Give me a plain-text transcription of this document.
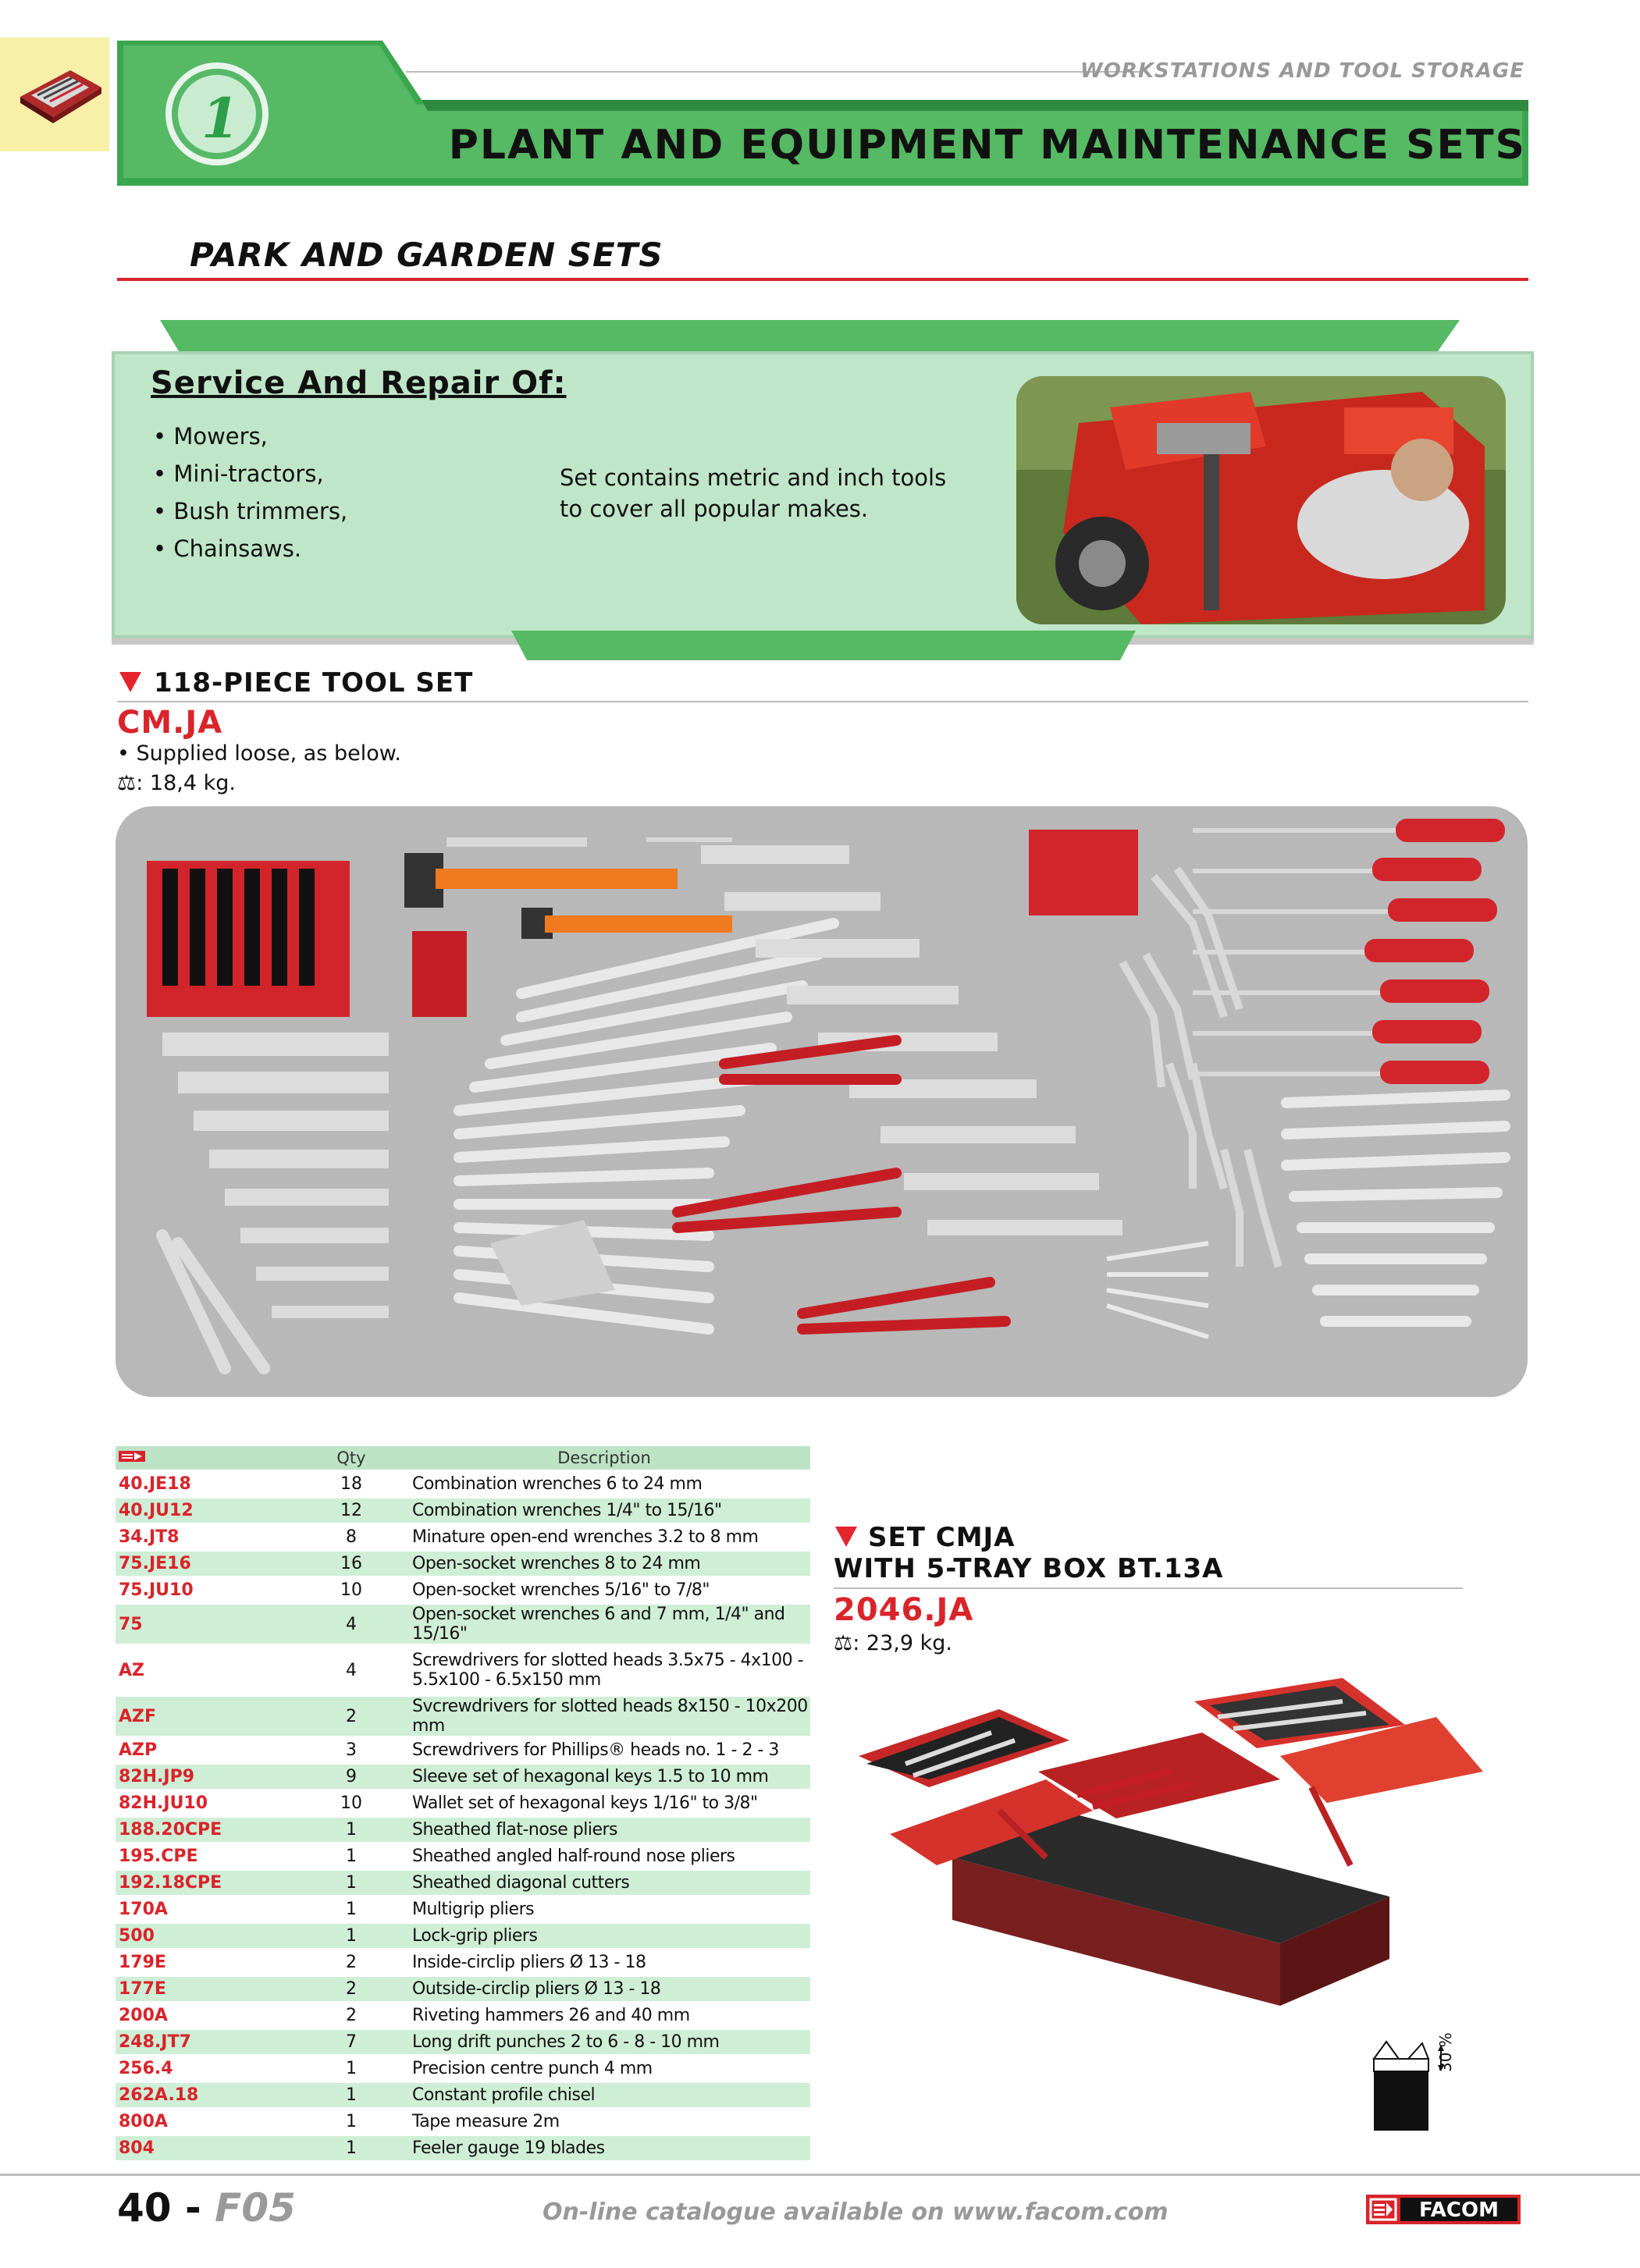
WORKSTATIONS AND TOOL STORAGE
1	PLANT AND EQUIPMENT MAINTENANCE SETS
PARK AND GARDEN SETS
Service And Repair Of:
• Mowers,
• Mini-tractors,
• Bush trimmers,
• Chainsaws.
Set contains metric and inch tools
to cover all popular makes.
118-PIECE TOOL SET
CM.JA
• Supplied loose, as below.
⚖: 18,4 kg.
	Qty	Description
40.JE18	18	Combination wrenches 6 to 24 mm
40.JU12	12	Combination wrenches 1/4" to 15/16"
34.JT8	8	Minature open-end wrenches 3.2 to 8 mm
75.JE16	16	Open-socket wrenches 8 to 24 mm
75.JU10	10	Open-socket wrenches 5/16" to 7/8"
75	4	Open-socket wrenches 6 and 7 mm, 1/4" and 15/16"
AZ	4	Screwdrivers for slotted heads 3.5x75 - 4x100 -
5.5x100 - 6.5x150 mm

AZF	2	Svcrewdrivers for slotted heads 8x150 - 10x200 mm
AZP	3	Screwdrivers for Phillips® heads no. 1 - 2 - 3
82H.JP9	9	Sleeve set of hexagonal keys 1.5 to 10 mm
82H.JU10	10	Wallet set of hexagonal keys 1/16" to 3/8"
188.20CPE	1	Sheathed flat-nose pliers
195.CPE	1	Sheathed angled half-round nose pliers
192.18CPE	1	Sheathed diagonal cutters
170A	1	Multigrip pliers
500	1	Lock-grip pliers
179E	2	Inside-circlip pliers Ø 13 - 18
177E	2	Outside-circlip pliers Ø 13 - 18
200A	2	Riveting hammers 26 and 40 mm
248.JT7	7	Long drift punches 2 to 6 - 8 - 10 mm
256.4	1	Precision centre punch 4 mm
262A.18	1	Constant profile chisel
800A	1	Tape measure 2m
804	1	Feeler gauge 19 blades
SET CMJA
WITH 5-TRAY BOX BT.13A
2046.JA
⚖: 23,9 kg.
30 %
40 - F05	On-line catalogue available on www.facom.com	FACOM
